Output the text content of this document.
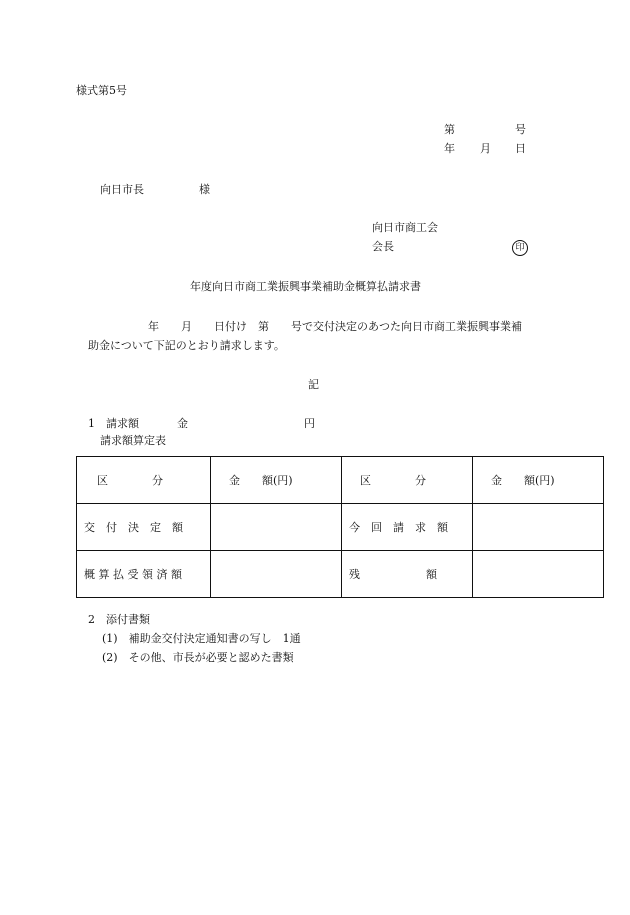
様式第5号
第	号
年 月 日
向日市長　　　　　様
向日市商工会
会長	印
年度向日市商工業振興事業補助金概算払請求書
年　　月　　日付け　第　　号で交付決定のあつた向日市商工業振興事業補
助金について下記のとおり請求します。
記
1　請求額	金	円
請求額算定表
区　　　　分	金　　額(円)	区　　　　分	金　　額(円)
交　付　決　定　額		今　回　請　求　額	
概 算 払 受 領 済 額		残　　　　　　額	
2　添付書類
(1)　補助金交付決定通知書の写し　1通
(2)　その他、市長が必要と認めた書類
